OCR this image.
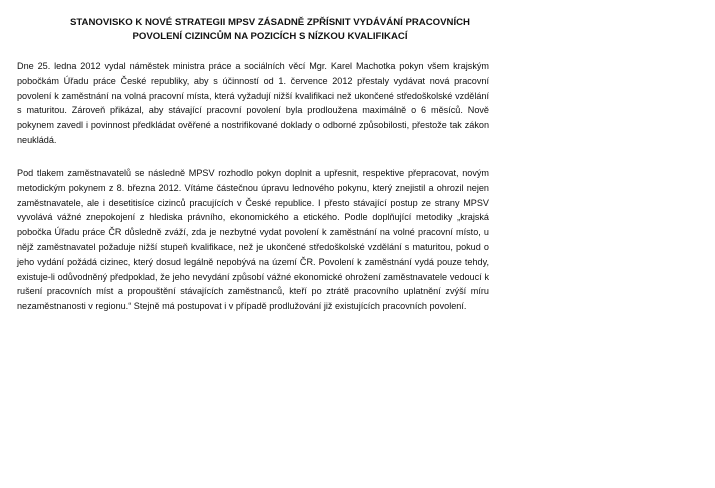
STANOVISKO K NOVÉ STRATEGII MPSV ZÁSADNĚ ZPŘÍSNIT VYDÁVÁNÍ PRACOVNÍCH
POVOLENÍ CIZINCŮM NA POZICÍCH S NÍZKOU KVALIFIKACÍ

Dne 25. ledna 2012 vydal náměstek ministra práce a sociálních věcí Mgr. Karel Machotka pokyn všem krajským pobočkám Úřadu práce České republiky, aby s účinností od 1. července 2012 přestaly vydávat nová pracovní povolení k zaměstnání na volná pracovní místa, která vyžadují nižší kvalifikaci než ukončené středoškolské vzdělání s maturitou. Zároveň přikázal, aby stávající pracovní povolení byla prodloužena maximálně o 6 měsíců. Nově pokynem zavedl i povinnost předkládat ověřené a nostrifikované doklady o odborné způsobilosti, přestože tak zákon neukládá.

Pod tlakem zaměstnavatelů se následně MPSV rozhodlo pokyn doplnit a upřesnit, respektive přepracovat, novým metodickým pokynem z 8. března 2012. Vítáme částečnou úpravu lednového pokynu, který znejistil a ohrozil nejen zaměstnavatele, ale i desetitisíce cizinců pracujících v České republice. I přesto stávající postup ze strany MPSV vyvolává vážné znepokojení z hlediska právního, ekonomického a etického. Podle doplňující metodiky „krajská pobočka Úřadu práce ČR důsledně zváží, zda je nezbytné vydat povolení k zaměstnání na volné pracovní místo, u nějž zaměstnavatel požaduje nižší stupeň kvalifikace, než je ukončené středoškolské vzdělání s maturitou, pokud o jeho vydání požádá cizinec, který dosud legálně nepobývá na území ČR. Povolení k zaměstnání vydá pouze tehdy, existuje-li odůvodněný předpoklad, že jeho nevydání způsobí vážné ekonomické ohrožení zaměstnavatele vedoucí k rušení pracovních míst a propouštění stávajících zaměstnanců, kteří po ztrátě pracovního uplatnění zvýší míru nezaměstnanosti v regionu.“ Stejně má postupovat i v případě prodlužování již existujících pracovních povolení.
